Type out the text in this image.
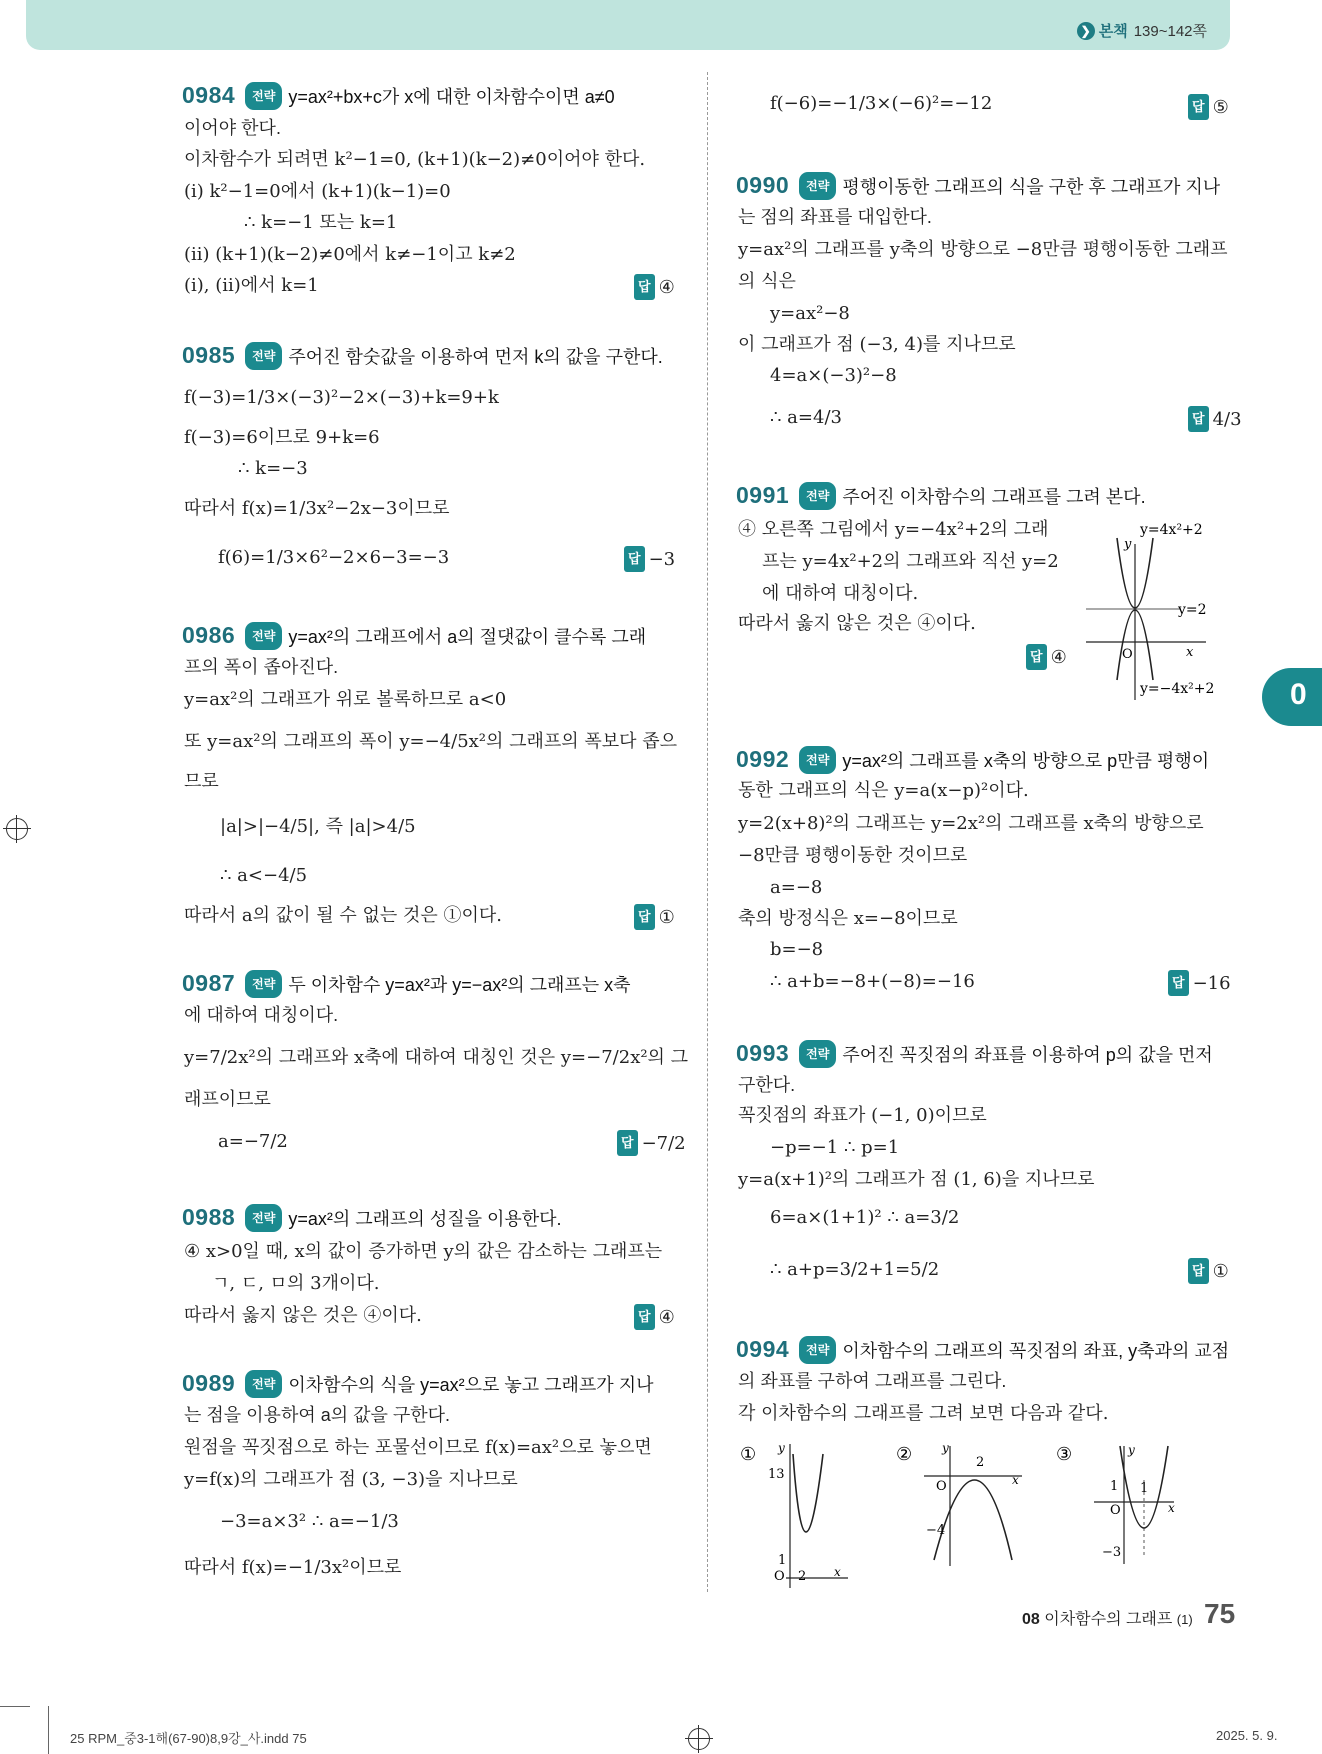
❯ 본책 139~142쪽
0984 전략 y=ax²+bx+c가 x에 대한 이차함수이면 a≠0
이어야 한다.
이차함수가 되려면 k²−1=0, (k+1)(k−2)≠0이어야 한다.
(ⅰ) k²−1=0에서 (k+1)(k−1)=0
∴ k=−1 또는 k=1
(ⅱ) (k+1)(k−2)≠0에서 k≠−1이고 k≠2
(ⅰ), (ⅱ)에서 k=1	답 ④
0985 전략 주어진 함숫값을 이용하여 먼저 k의 값을 구한다.
f(−3)=1/3×(−3)²−2×(−3)+k=9+k
f(−3)=6이므로 9+k=6
∴ k=−3
따라서 f(x)=1/3x²−2x−3이므로
f(6)=1/3×6²−2×6−3=−3	답 −3
0986 전략 y=ax²의 그래프에서 a의 절댓값이 클수록 그래
프의 폭이 좁아진다.
y=ax²의 그래프가 위로 볼록하므로 a<0
또 y=ax²의 그래프의 폭이 y=−4/5x²의 그래프의 폭보다 좁으
므로
|a|>|−4/5|, 즉 |a|>4/5
∴ a<−4/5
따라서 a의 값이 될 수 없는 것은 ①이다.	답 ①
0987 전략 두 이차함수 y=ax²과 y=−ax²의 그래프는 x축
에 대하여 대칭이다.
y=7/2x²의 그래프와 x축에 대하여 대칭인 것은 y=−7/2x²의 그
래프이므로
a=−7/2	답 −7/2
0988 전략 y=ax²의 그래프의 성질을 이용한다.
④ x>0일 때, x의 값이 증가하면 y의 값은 감소하는 그래프는
ㄱ, ㄷ, ㅁ의 3개이다.
따라서 옳지 않은 것은 ④이다.	답 ④
0989 전략 이차함수의 식을 y=ax²으로 놓고 그래프가 지나
는 점을 이용하여 a의 값을 구한다.
원점을 꼭짓점으로 하는 포물선이므로 f(x)=ax²으로 놓으면
y=f(x)의 그래프가 점 (3, −3)을 지나므로
−3=a×3² ∴ a=−1/3
따라서 f(x)=−1/3x²이므로
f(−6)=−1/3×(−6)²=−12	답 ⑤
0990 전략 평행이동한 그래프의 식을 구한 후 그래프가 지나
는 점의 좌표를 대입한다.
y=ax²의 그래프를 y축의 방향으로 −8만큼 평행이동한 그래프
의 식은
y=ax²−8
이 그래프가 점 (−3, 4)를 지나므로
4=a×(−3)²−8
∴ a=4/3	답 4/3
0991 전략 주어진 이차함수의 그래프를 그려 본다.
④ 오른쪽 그림에서 y=−4x²+2의 그래
프는 y=4x²+2의 그래프와 직선 y=2
에 대하여 대칭이다.
따라서 옳지 않은 것은 ④이다.
답 ④
y=4x²+2
y=2
y=−4x²+2
y
x
O
0992 전략 y=ax²의 그래프를 x축의 방향으로 p만큼 평행이
동한 그래프의 식은 y=a(x−p)²이다.
y=2(x+8)²의 그래프는 y=2x²의 그래프를 x축의 방향으로
−8만큼 평행이동한 것이므로
a=−8
축의 방정식은 x=−8이므로
b=−8
∴ a+b=−8+(−8)=−16	답 −16
0993 전략 주어진 꼭짓점의 좌표를 이용하여 p의 값을 먼저
구한다.
꼭짓점의 좌표가 (−1, 0)이므로
−p=−1 ∴ p=1
y=a(x+1)²의 그래프가 점 (1, 6)을 지나므로
6=a×(1+1)² ∴ a=3/2
∴ a+p=3/2+1=5/2	답 ①
0994 전략 이차함수의 그래프의 꼭짓점의 좌표, y축과의 교점
의 좌표를 구하여 그래프를 그린다.
각 이차함수의 그래프를 그려 보면 다음과 같다.
①
13
1
O 2
y
x
②	2
−4
O
y
x
③
1 1
−3
O
y
x
0
08 이차함수의 그래프 (1) 75
25 RPM_중3-1해(67-90)8,9강_사.indd 75	2025. 5. 9.
